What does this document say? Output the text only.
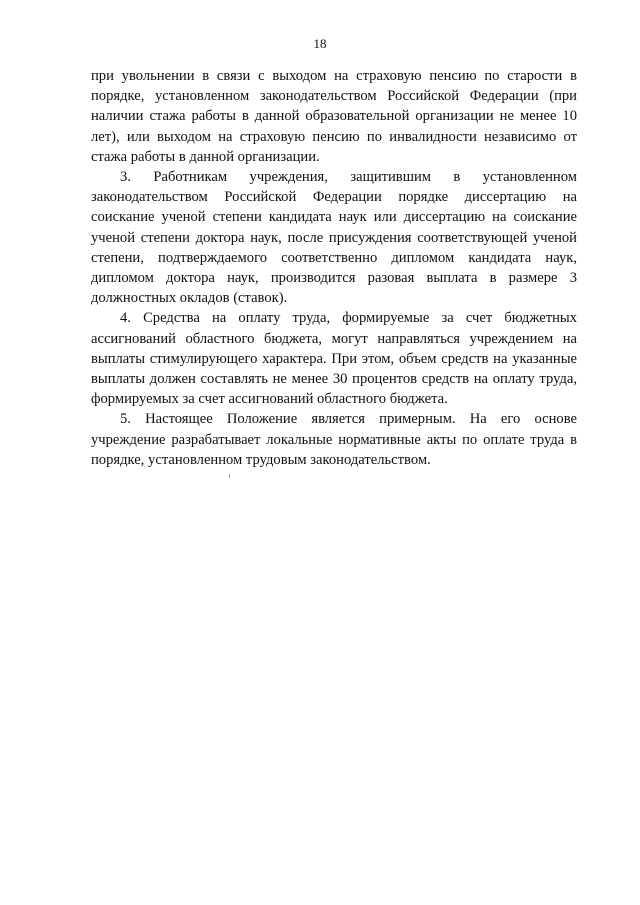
18

при увольнении в связи с выходом на страховую пенсию по старости в порядке, установленном законодательством Российской Федерации (при наличии стажа работы в данной образовательной организации не менее 10 лет), или выходом на страховую пенсию по инвалидности независимо от стажа работы в данной организации.

3. Работникам учреждения, защитившим в установленном законодательством Российской Федерации порядке диссертацию на соискание ученой степени кандидата наук или диссертацию на соискание ученой степени доктора наук, после присуждения соответствующей ученой степени, подтверждаемого соответственно дипломом кандидата наук, дипломом доктора наук, производится разовая выплата в размере 3 должностных окладов (ставок).

4. Средства на оплату труда, формируемые за счет бюджетных ассигнований областного бюджета, могут направляться учреждением на выплаты стимулирующего характера. При этом, объем средств на указанные выплаты должен составлять не менее 30 процентов средств на оплату труда, формируемых за счет ассигнований областного бюджета.

5. Настоящее Положение является примерным. На его основе учреждение разрабатывает локальные нормативные акты по оплате труда в порядке, установленном трудовым законодательством.
